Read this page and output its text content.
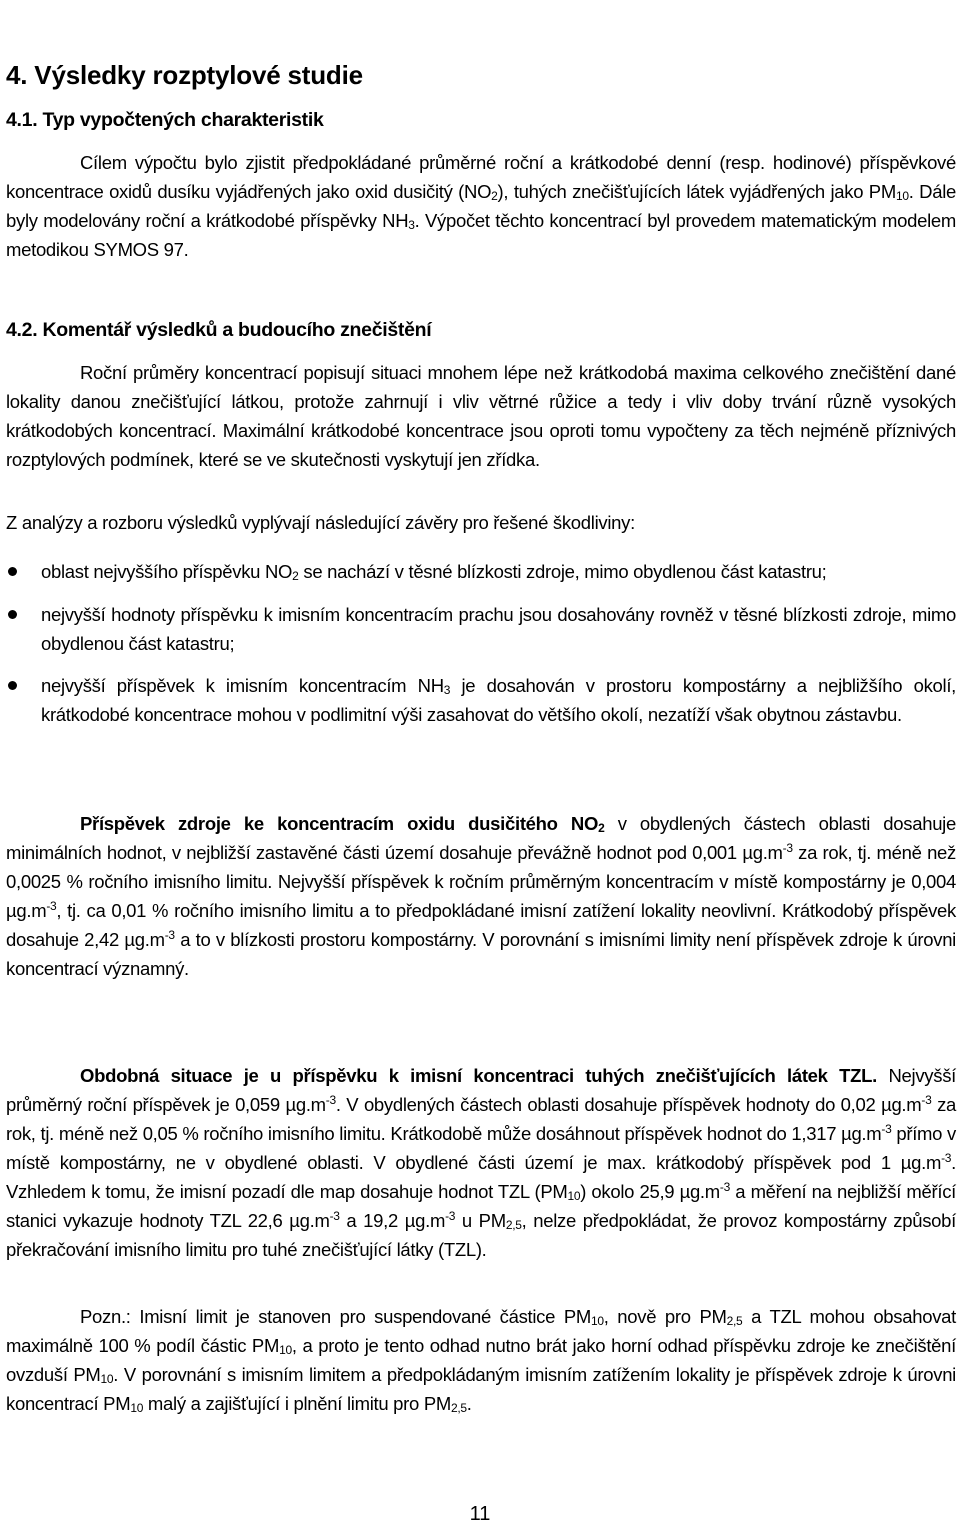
4. Výsledky rozptylové studie
4.1. Typ vypočtených charakteristik
Cílem výpočtu bylo zjistit předpokládané průměrné roční a krátkodobé denní (resp. hodinové) příspěvkové koncentrace oxidů dusíku vyjádřených jako oxid dusičitý $(NO_2)$, tuhých znečišťujících látek vyjádřených jako $PM_{10}$. Dále byly modelovány roční a krátkodobé příspěvky $NH_3$. Výpočet těchto koncentrací byl provedem matematickým modelem metodikou SYMOS 97.
4.2. Komentář výsledků a budoucího znečištění
Roční průměry koncentrací popisují situaci mnohem lépe než krátkodobá maxima celkového znečištění dané lokality danou znečišťující látkou, protože zahrnují i vliv větrné růžice a tedy i vliv doby trvání různě vysokých krátkodobých koncentrací. Maximální krátkodobé koncentrace jsou oproti tomu vypočteny za těch nejméně příznivých rozptylových podmínek, které se ve skutečnosti vyskytují jen zřídka.
Z analýzy a rozboru výsledků vyplývají následující závěry pro řešené škodliviny:
oblast nejvyššího příspěvku $NO_2$ se nachází v těsné blízkosti zdroje, mimo obydlenou část katastru;
nejvyšší hodnoty příspěvku k imisním koncentracím prachu jsou dosahovány rovněž v těsné blízkosti zdroje, mimo obydlenou část katastru;
nejvyšší příspěvek k imisním koncentracím $NH_3$ je dosahován v prostoru kompostárny a nejbližšího okolí, krátkodobé koncentrace mohou v podlimitní výši zasahovat do většího okolí, nezatíží však obytnou zástavbu.
Příspěvek zdroje ke koncentracím oxidu dusičitého $NO_2$ v obydlených částech oblasti dosahuje minimálních hodnot, v nejbližší zastavěné části území dosahuje převážně hodnot pod 0,001 $\mu g.m^{-3}$ za rok, tj. méně než 0,0025 % ročního imisního limitu. Nejvyšší příspěvek k ročním průměrným koncentracím v místě kompostárny je 0,004 $\mu g.m^{-3}$, tj. ca 0,01 % ročního imisního limitu a to předpokládané imisní zatížení lokality neovlivní. Krátkodobý příspěvek dosahuje 2,42 $\mu g.m^{-3}$ a to v blízkosti prostoru kompostárny. V porovnání s imisními limity není příspěvek zdroje k úrovni koncentrací významný.
Obdobná situace je u příspěvku k imisní koncentraci tuhých znečišťujících látek TZL. Nejvyšší průměrný roční příspěvek je 0,059 $\mu g.m^{-3}$. V obydlených částech oblasti dosahuje příspěvek hodnoty do 0,02 $\mu g.m^{-3}$ za rok, tj. méně než 0,05 % ročního imisního limitu. Krátkodobě může dosáhnout příspěvek hodnot do 1,317 $\mu g.m^{-3}$ přímo v místě kompostárny, ne v obydlené oblasti. V obydlené části území je max. krátkodobý příspěvek pod 1 $\mu g.m^{-3}$. Vzhledem k tomu, že imisní pozadí dle map dosahuje hodnot TZL $(PM_{10})$ okolo 25,9 $\mu g.m^{-3}$ a měření na nejbližší měřící stanici vykazuje hodnoty TZL 22,6 $\mu g.m^{-3}$ a 19,2 $\mu g.m^{-3}$ u $PM_{2,5}$, nelze předpokládat, že provoz kompostárny způsobí překračování imisního limitu pro tuhé znečišťující látky (TZL).
Pozn.: Imisní limit je stanoven pro suspendované částice $PM_{10}$, nově pro $PM_{2,5}$ a TZL mohou obsahovat maximálně 100 % podíl částic $PM_{10}$, a proto je tento odhad nutno brát jako horní odhad příspěvku zdroje ke znečištění ovzduší $PM_{10}$. V porovnání s imisním limitem a předpokládaným imisním zatížením lokality je příspěvek zdroje k úrovni koncentrací $PM_{10}$ malý a zajišťující i plnění limitu pro $PM_{2,5}$.
11
